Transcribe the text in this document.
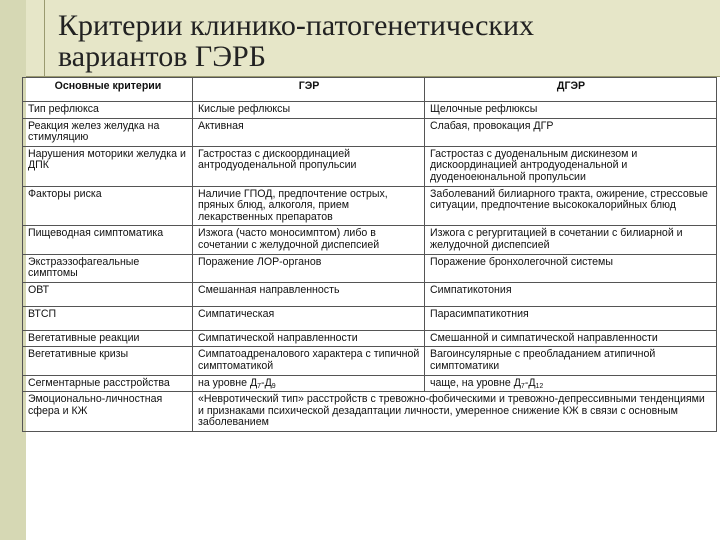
Критерии клинико-патогенетических
вариантов ГЭРБ
Основные критерии	ГЭР	ДГЭР
Тип рефлюкса	Кислые рефлюксы	Щелочные рефлюксы
Реакция желез желудка на стимуляцию	Активная	Слабая, провокация ДГР
Нарушения моторики желудка и ДПК	Гастростаз с дискоординацией антродуоденальной пропульсии	Гастростаз с дуоденальным дискинезом и дискоординацией антродуоденальной и дуоденоеюнальной пропульсии
Факторы риска	Наличие ГПОД, предпочтение острых, пряных блюд, алкоголя, прием лекарственных препаратов	Заболеваний билиарного тракта, ожирение, стрессовые ситуации, предпочтение высококалорийных блюд
Пищеводная симптоматика	Изжога (часто моносимптом) либо в сочетании с желудочной диспепсией	Изжога с регургитацией в сочетании с билиарной и желудочной диспепсией
Экстраэзофагеальные симптомы	Поражение ЛОР-органов	Поражение бронхолегочной системы
ОВТ	Смешанная направленность	Симпатикотония
ВТСП	Симпатическая	Парасимпатикотния
Вегетативные реакции	Симпатической направленности	Смешанной и симпатической направленности
Вегетативные кризы	Симпатоадреналового характера с типичной симптоматикой	Вагоинсулярные с преобладанием атипичной симптоматики
Сегментарные расстройства	на уровне $Д_7-Д_9$	чаще, на уровне $Д_7-Д_{12}$
Эмоционально-личностная сфера и КЖ	«Невротический тип» расстройств с тревожно-фобическими и тревожно-депрессивными тенденциями и признаками психической дезадаптации личности, умеренное снижение КЖ в связи с основным заболеванием	
